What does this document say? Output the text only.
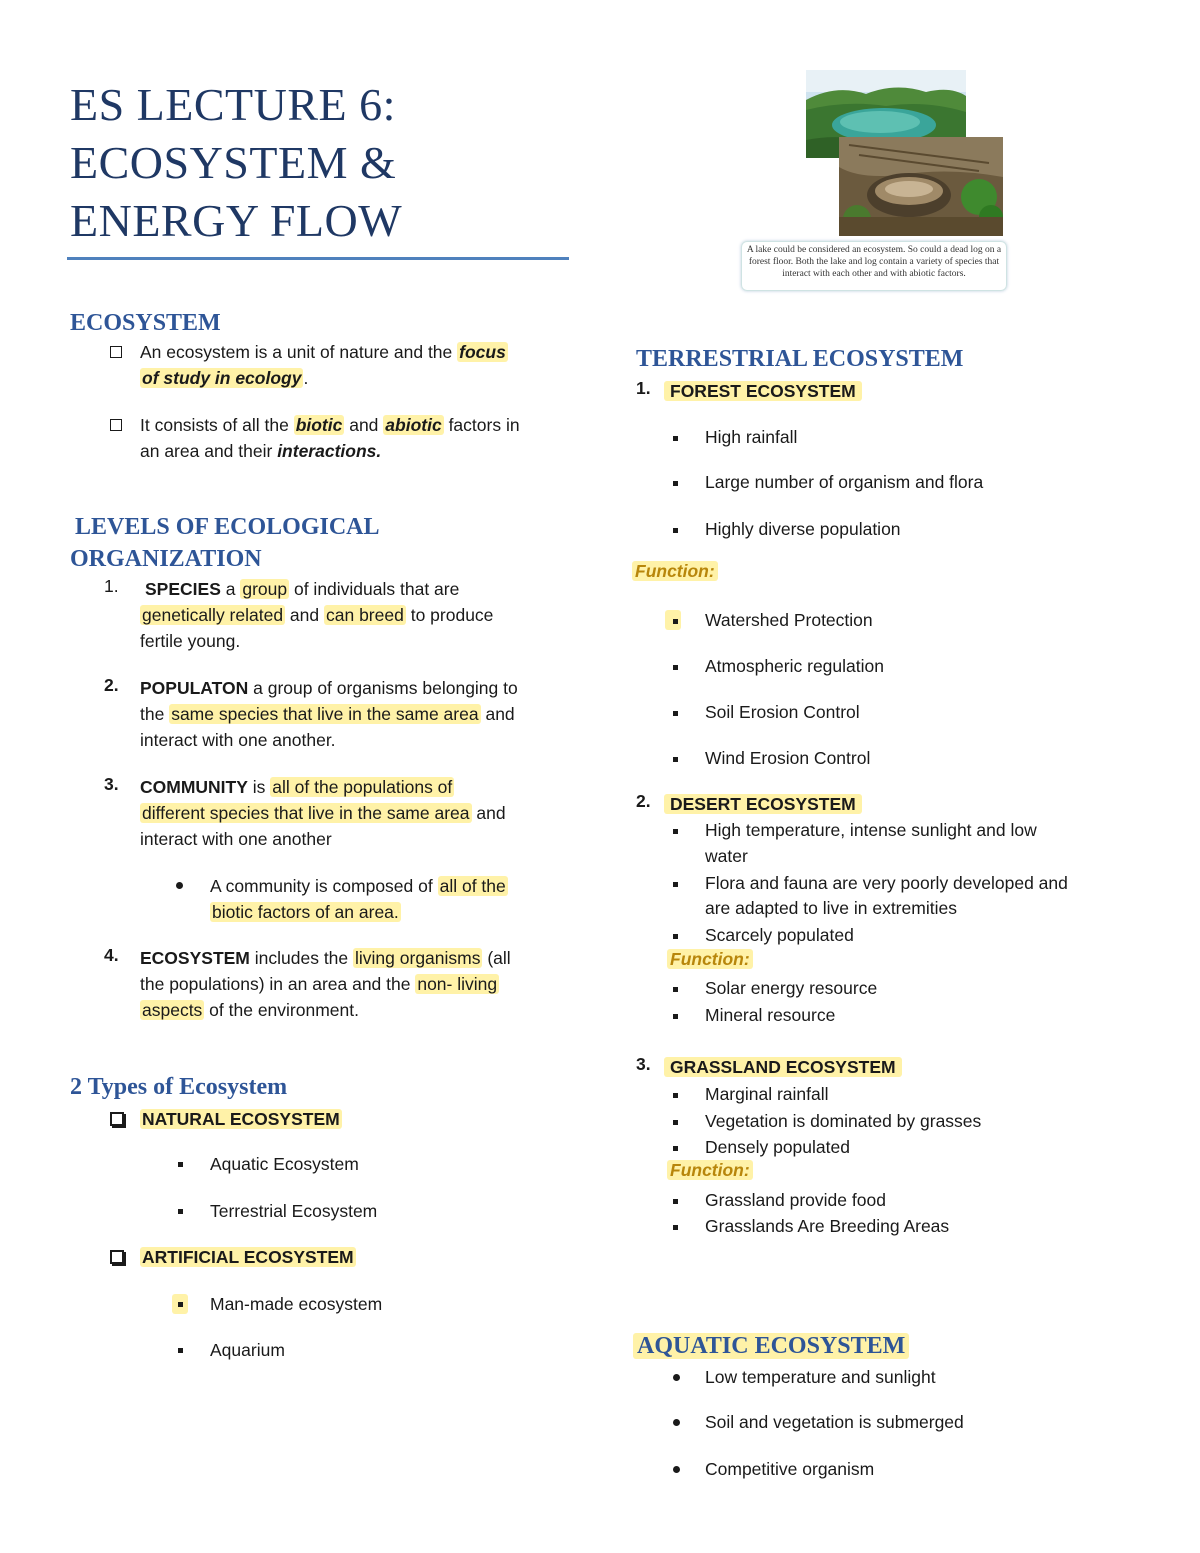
ES LECTURE 6:
ECOSYSTEM &
ENERGY FLOW
A lake could be considered an ecosystem. So could a dead log on a forest floor. Both the lake and log contain a variety of species that interact with each other and with abiotic factors.
ECOSYSTEM
An ecosystem is a unit of nature and the focus
of study in ecology .
It consists of all the biotic and abiotic factors in
an area and their interactions.
LEVELS OF ECOLOGICAL
ORGANIZATION
1. SPECIES a group of individuals that are
genetically related and can breed to produce
fertile young.
2. POPULATON a group of organisms belonging to
the same species that live in the same area and
interact with one another.
3. COMMUNITY is all of the populations of
different species that live in the same area and
interact with one another
A community is composed of all of the
biotic factors of an area.
4. ECOSYSTEM includes the living organisms (all
the populations) in an area and the non- living
aspects of the environment.
2 Types of Ecosystem
NATURAL ECOSYSTEM
Aquatic Ecosystem
Terrestrial Ecosystem
ARTIFICIAL ECOSYSTEM
Man-made ecosystem
Aquarium
TERRESTRIAL ECOSYSTEM
1.	FOREST ECOSYSTEM
High rainfall
Large number of organism and flora
Highly diverse population
Function:
Watershed Protection
Atmospheric regulation
Soil Erosion Control
Wind Erosion Control
2.	DESERT ECOSYSTEM
High temperature, intense sunlight and low
water
Flora and fauna are very poorly developed and
are adapted to live in extremities
Scarcely populated
Function:
Solar energy resource
Mineral resource
3.	GRASSLAND ECOSYSTEM
Marginal rainfall
Vegetation is dominated by grasses
Densely populated
Function:
Grassland provide food
Grasslands Are Breeding Areas
AQUATIC ECOSYSTEM
Low temperature and sunlight
Soil and vegetation is submerged
Competitive organism
